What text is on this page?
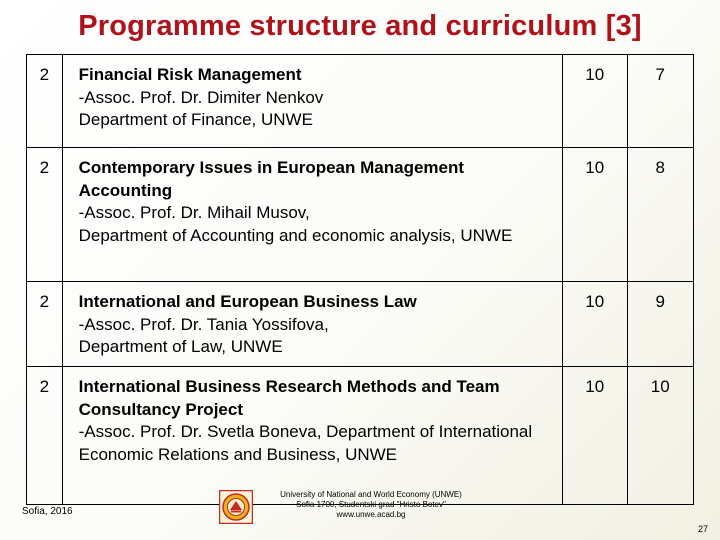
Programme structure and curriculum [3]
2	Financial Risk Management
-Assoc. Prof. Dr. Dimiter Nenkov
Department of Finance, UNWE	10	7
2	Contemporary Issues in European Management Accounting
-Assoc. Prof. Dr. Mihail Musov,
Department of Accounting and economic analysis, UNWE	10	8
2	International and European Business Law
-Assoc. Prof. Dr. Tania Yossifova,
Department of Law, UNWE	10	9
2	International Business Research Methods and Team Consultancy Project
-Assoc. Prof. Dr. Svetla Boneva, Department of International Economic Relations and Business, UNWE	10	10
Sofia, 2016
University of National and World Economy (UNWE)
Sofia 1700, Studentski grad "Hristo Botev"
www.unwe.acad.bg
27
